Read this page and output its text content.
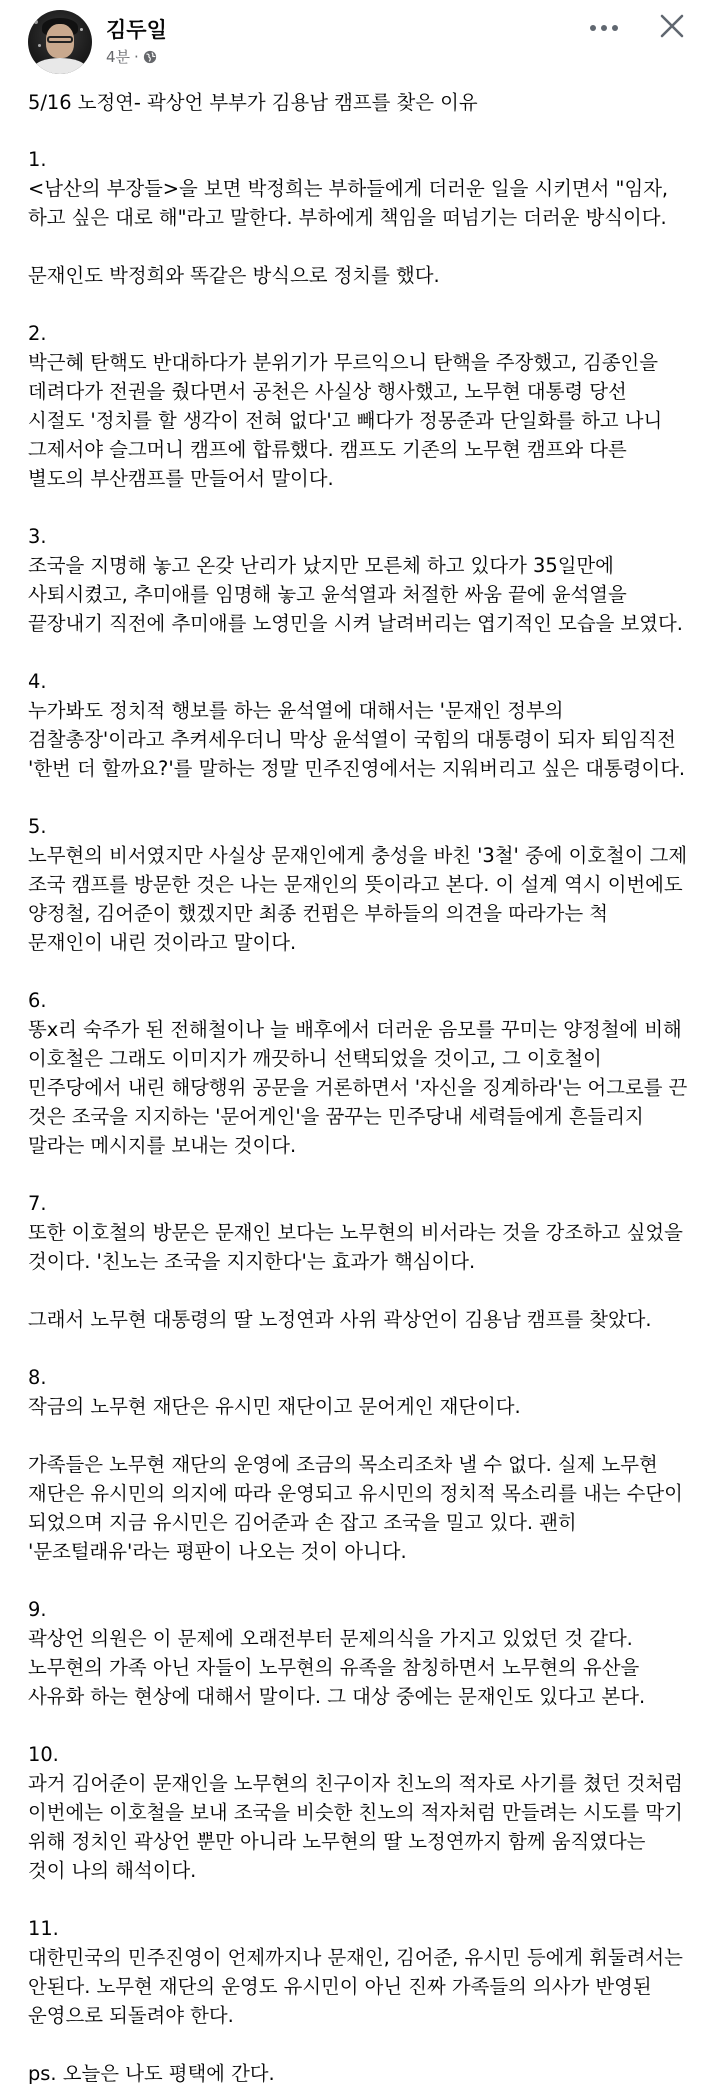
김두일
4분 ·

5/16 노정연- 곽상언 부부가 김용남 캠프를 찾은 이유

1.
<남산의 부장들>을 보면 박정희는 부하들에게 더러운 일을 시키면서 "임자, 하고 싶은 대로 해"라고 말한다. 부하에게 책임을 떠넘기는 더러운 방식이다.

문재인도 박정희와 똑같은 방식으로 정치를 했다.

2.
박근혜 탄핵도 반대하다가 분위기가 무르익으니 탄핵을 주장했고, 김종인을 데려다가 전권을 줬다면서 공천은 사실상 행사했고, 노무현 대통령 당선 시절도 '정치를 할 생각이 전혀 없다'고 빼다가 정몽준과 단일화를 하고 나니 그제서야 슬그머니 캠프에 합류했다. 캠프도 기존의 노무현 캠프와 다른 별도의 부산캠프를 만들어서 말이다.

3.
조국을 지명해 놓고 온갖 난리가 났지만 모른체 하고 있다가 35일만에 사퇴시켰고, 추미애를 임명해 놓고 윤석열과 처절한 싸움 끝에 윤석열을 끝장내기 직전에 추미애를 노영민을 시켜 날려버리는 엽기적인 모습을 보였다.

4.
누가봐도 정치적 행보를 하는 윤석열에 대해서는 '문재인 정부의 검찰총장'이라고 추켜세우더니 막상 윤석열이 국힘의 대통령이 되자 퇴임직전 '한번 더 할까요?'를 말하는 정말 민주진영에서는 지워버리고 싶은 대통령이다.

5.
노무현의 비서였지만 사실상 문재인에게 충성을 바친 '3철' 중에 이호철이 그제 조국 캠프를 방문한 것은 나는 문재인의 뜻이라고 본다. 이 설계 역시 이번에도 양정철, 김어준이 했겠지만 최종 컨펌은 부하들의 의견을 따라가는 척 문재인이 내린 것이라고 말이다.

6.
똥x리 숙주가 된 전해철이나 늘 배후에서 더러운 음모를 꾸미는 양정철에 비해 이호철은 그래도 이미지가 깨끗하니 선택되었을 것이고, 그 이호철이 민주당에서 내린 해당행위 공문을 거론하면서 '자신을 징계하라'는 어그로를 끈 것은 조국을 지지하는 '문어게인'을 꿈꾸는 민주당내 세력들에게 흔들리지 말라는 메시지를 보내는 것이다.

7.
또한 이호철의 방문은 문재인 보다는 노무현의 비서라는 것을 강조하고 싶었을 것이다. '친노는 조국을 지지한다'는 효과가 핵심이다.

그래서 노무현 대통령의 딸 노정연과 사위 곽상언이 김용남 캠프를 찾았다.

8.
작금의 노무현 재단은 유시민 재단이고 문어게인 재단이다.

가족들은 노무현 재단의 운영에 조금의 목소리조차 낼 수 없다. 실제 노무현 재단은 유시민의 의지에 따라 운영되고 유시민의 정치적 목소리를 내는 수단이 되었으며 지금 유시민은 김어준과 손 잡고 조국을 밀고 있다. 괜히 '문조털래유'라는 평판이 나오는 것이 아니다.

9.
곽상언 의원은 이 문제에 오래전부터 문제의식을 가지고 있었던 것 같다. 노무현의 가족 아닌 자들이 노무현의 유족을 참칭하면서 노무현의 유산을 사유화 하는 현상에 대해서 말이다. 그 대상 중에는 문재인도 있다고 본다.

10.
과거 김어준이 문재인을 노무현의 친구이자 친노의 적자로 사기를 쳤던 것처럼 이번에는 이호철을 보내 조국을 비슷한 친노의 적자처럼 만들려는 시도를 막기 위해 정치인 곽상언 뿐만 아니라 노무현의 딸 노정연까지 함께 움직였다는 것이 나의 해석이다.

11.
대한민국의 민주진영이 언제까지나 문재인, 김어준, 유시민 등에게 휘둘려서는 안된다. 노무현 재단의 운영도 유시민이 아닌 진짜 가족들의 의사가 반영된 운영으로 되돌려야 한다.

ps. 오늘은 나도 평택에 간다.
